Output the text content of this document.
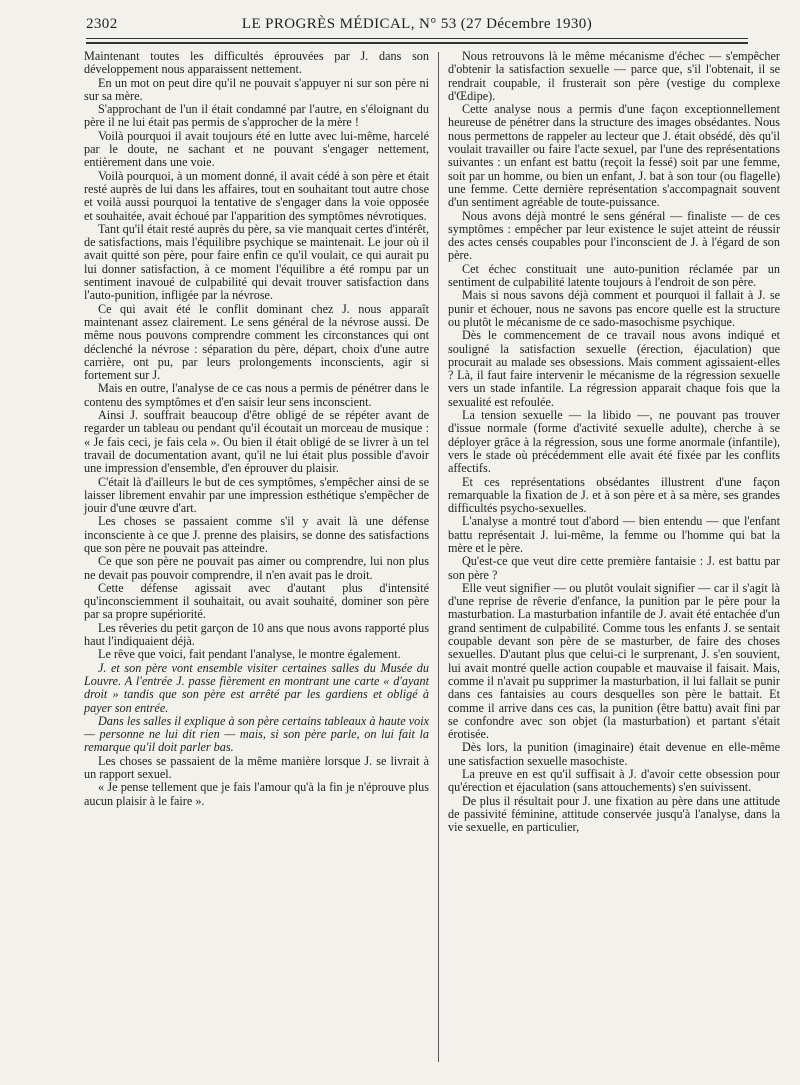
2302	LE PROGRÈS MÉDICAL, N° 53 (27 Décembre 1930)

Maintenant toutes les difficultés éprouvées par J. dans son développement nous apparaissent nettement.

En un mot on peut dire qu'il ne pouvait s'appuyer ni sur son père ni sur sa mère.

S'approchant de l'un il était condamné par l'autre, en s'éloignant du père il ne lui était pas permis de s'approcher de la mère !

Voilà pourquoi il avait toujours été en lutte avec lui-même, harcelé par le doute, ne sachant et ne pouvant s'engager nettement, entièrement dans une voie.

Voilà pourquoi, à un moment donné, il avait cédé à son père et était resté auprès de lui dans les affaires, tout en souhaitant tout autre chose et voilà aussi pourquoi la tentative de s'engager dans la voie opposée et souhaitée, avait échoué par l'apparition des symptômes névrotiques.

Tant qu'il était resté auprès du père, sa vie manquait certes d'intérêt, de satisfactions, mais l'équilibre psychique se maintenait. Le jour où il avait quitté son père, pour faire enfin ce qu'il voulait, ce qui aurait pu lui donner satisfaction, à ce moment l'équilibre a été rompu par un sentiment inavoué de culpabilité qui devait trouver satisfaction dans l'auto-punition, infligée par la névrose.

Ce qui avait été le conflit dominant chez J. nous apparaît maintenant assez clairement. Le sens général de la névrose aussi. De même nous pouvons comprendre comment les circonstances qui ont déclenché la névrose : séparation du père, départ, choix d'une autre carrière, ont pu, par leurs prolongements inconscients, agir si fortement sur J.

Mais en outre, l'analyse de ce cas nous a permis de pénétrer dans le contenu des symptômes et d'en saisir leur sens inconscient.

Ainsi J. souffrait beaucoup d'être obligé de se répéter avant de regarder un tableau ou pendant qu'il écoutait un morceau de musique : « Je fais ceci, je fais cela ». Ou bien il était obligé de se livrer à un tel travail de documentation avant, qu'il ne lui était plus possible d'avoir une impression d'ensemble, d'en éprouver du plaisir.

C'était là d'ailleurs le but de ces symptômes, s'empêcher ainsi de se laisser librement envahir par une impression esthétique s'empêcher de jouir d'une œuvre d'art.

Les choses se passaient comme s'il y avait là une défense inconsciente à ce que J. prenne des plaisirs, se donne des satisfactions que son père ne pouvait pas atteindre.

Ce que son père ne pouvait pas aimer ou comprendre, lui non plus ne devait pas pouvoir comprendre, il n'en avait pas le droit.

Cette défense agissait avec d'autant plus d'intensité qu'inconsciemment il souhaitait, ou avait souhaité, dominer son père par sa propre supériorité.

Les rêveries du petit garçon de 10 ans que nous avons rapporté plus haut l'indiquaient déjà.

Le rêve que voici, fait pendant l'analyse, le montre également.

J. et son père vont ensemble visiter certaines salles du Musée du Louvre. A l'entrée J. passe fièrement en montrant une carte « d'ayant droit » tandis que son père est arrêté par les gardiens et obligé à payer son entrée.

Dans les salles il explique à son père certains tableaux à haute voix — personne ne lui dit rien — mais, si son père parle, on lui fait la remarque qu'il doit parler bas.

Les choses se passaient de la même manière lorsque J. se livrait à un rapport sexuel.

« Je pense tellement que je fais l'amour qu'à la fin je n'éprouve plus aucun plaisir à le faire ».

Nous retrouvons là le même mécanisme d'échec — s'empêcher d'obtenir la satisfaction sexuelle — parce que, s'il l'obtenait, il se rendrait coupable, il frusterait son père (vestige du complexe d'Œdipe).

Cette analyse nous a permis d'une façon exceptionnellement heureuse de pénétrer dans la structure des images obsédantes. Nous nous permettons de rappeler au lecteur que J. était obsédé, dès qu'il voulait travailler ou faire l'acte sexuel, par l'une des représentations suivantes : un enfant est battu (reçoit la fessé) soit par une femme, soit par un homme, ou bien un enfant, J. bat à son tour (ou flagelle) une femme. Cette dernière représentation s'accompagnait souvent d'un sentiment agréable de toute-puissance.

Nous avons déjà montré le sens général — finaliste — de ces symptômes : empêcher par leur existence le sujet atteint de réussir des actes censés coupables pour l'inconscient de J. à l'égard de son père.

Cet échec constituait une auto-punition réclamée par un sentiment de culpabilité latente toujours à l'endroit de son père.

Mais si nous savons déjà comment et pourquoi il fallait à J. se punir et échouer, nous ne savons pas encore quelle est la structure ou plutôt le mécanisme de ce sado-masochisme psychique.

Dès le commencement de ce travail nous avons indiqué et souligné la satisfaction sexuelle (érection, éjaculation) que procurait au malade ses obsessions. Mais comment agissaient-elles ? Là, il faut faire intervenir le mécanisme de la régression sexuelle vers un stade infantile. La régression apparait chaque fois que la sexualité est refoulée.

La tension sexuelle — la libido —, ne pouvant pas trouver d'issue normale (forme d'activité sexuelle adulte), cherche à se déployer grâce à la régression, sous une forme anormale (infantile), vers le stade où précédemment elle avait été fixée par les conflits affectifs.

Et ces représentations obsédantes illustrent d'une façon remarquable la fixation de J. et à son père et à sa mère, ses grandes difficultés psycho-sexuelles.

L'analyse a montré tout d'abord — bien entendu — que l'enfant battu représentait J. lui-même, la femme ou l'homme qui bat la mère et le père.

Qu'est-ce que veut dire cette première fantaisie : J. est battu par son père ?

Elle veut signifier — ou plutôt voulait signifier — car il s'agit là d'une reprise de rêverie d'enfance, la punition par le père pour la masturbation. La masturbation infantile de J. avait été entachée d'un grand sentiment de culpabilité. Comme tous les enfants J. se sentait coupable devant son père de se masturber, de faire des choses sexuelles. D'autant plus que celui-ci le surprenant, J. s'en souvient, lui avait montré quelle action coupable et mauvaise il faisait. Mais, comme il n'avait pu supprimer la masturbation, il lui fallait se punir dans ces fantaisies au cours desquelles son père le battait. Et comme il arrive dans ces cas, la punition (être battu) avait fini par se confondre avec son objet (la masturbation) et partant s'était érotisée.

Dès lors, la punition (imaginaire) était devenue en elle-même une satisfaction sexuelle masochiste.

La preuve en est qu'il suffisait à J. d'avoir cette obsession pour qu'érection et éjaculation (sans attouchements) s'en suivissent.

De plus il résultait pour J. une fixation au père dans une attitude de passivité féminine, attitude conservée jusqu'à l'analyse, dans la vie sexuelle, en particulier,
